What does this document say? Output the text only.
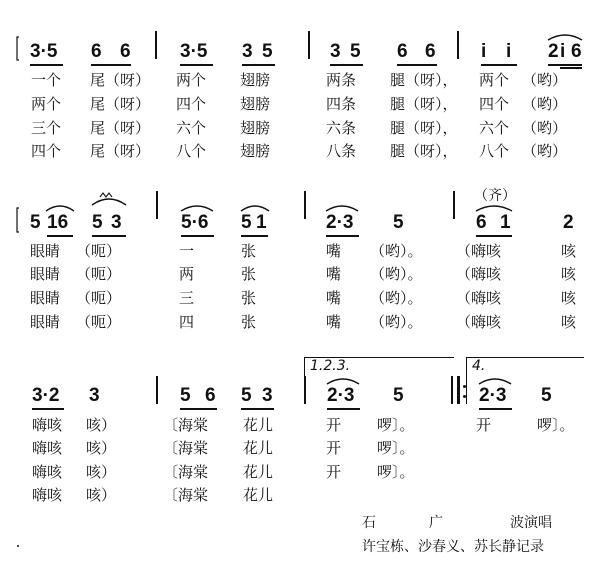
3·5 6 6	3·5 3 5	3 5 6 6 i i 2 i 6
一个 尾（呀） 两个 翅膀	两条 腿（呀）， 两个 （哟）
两个 尾（呀） 四个 翅膀	四条 腿（呀）， 四个 （哟）
三个 尾（呀） 六个 翅膀	六条 腿（呀）， 六个 （哟）
四个 尾（呀） 八个 翅膀	八条 腿（呀）， 八个 （哟）
（齐）
5 16 5 3	5·6 5 1	2·3 5	6 1	2
眼睛 （呃）	一	张	嘴 （哟）。 （嗨咳	咳
眼睛 （呃）	两	张	嘴 （哟）。 （嗨咳	咳
眼睛 （呃）	三	张	嘴 （哟）。 （嗨咳	咳
眼睛 （呃）	四	张	嘴 （哟）。 （嗨咳	咳
1.2.3.	4.
3·2 3	5 6 5 3	2·3 5	2·3 5
嗨咳 咳）	〔海棠 花儿	开 啰〕。	开	啰〕。
嗨咳 咳）	〔海棠 花儿	开 啰〕。
嗨咳 咳）	〔海棠 花儿	开 啰〕。
嗨咳 咳）	〔海棠 花儿
石	广	波演唱
许宝栋、沙春义、苏长静记录
